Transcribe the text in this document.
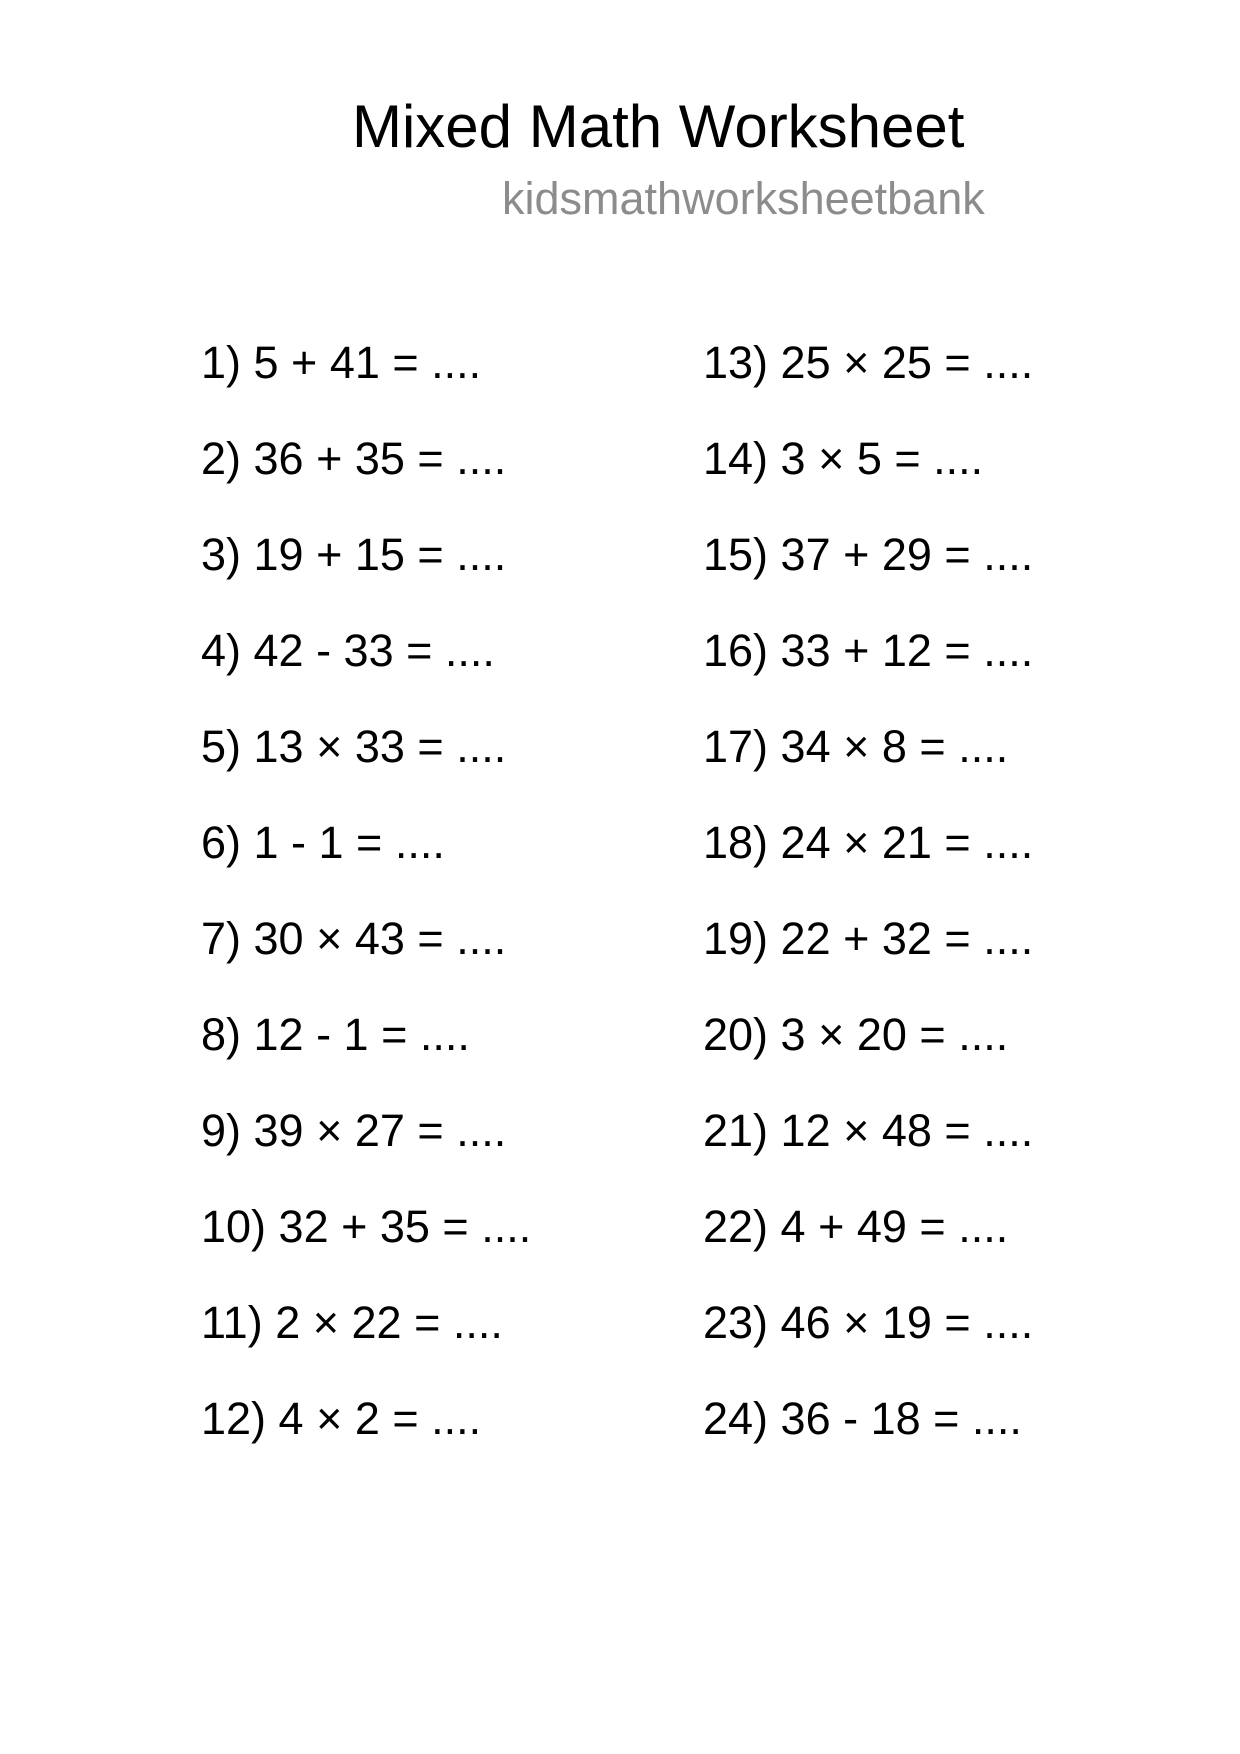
Mixed Math Worksheet
kidsmathworksheetbank
1) 5 + 41 = ....
2) 36 + 35 = ....
3) 19 + 15 = ....
4) 42 - 33 = ....
5) 13 × 33 = ....
6) 1 - 1 = ....
7) 30 × 43 = ....
8) 12 - 1 = ....
9) 39 × 27 = ....
10) 32 + 35 = ....
11) 2 × 22 = ....
12) 4 × 2 = ....
13) 25 × 25 = ....
14) 3 × 5 = ....
15) 37 + 29 = ....
16) 33 + 12 = ....
17) 34 × 8 = ....
18) 24 × 21 = ....
19) 22 + 32 = ....
20) 3 × 20 = ....
21) 12 × 48 = ....
22) 4 + 49 = ....
23) 46 × 19 = ....
24) 36 - 18 = ....
